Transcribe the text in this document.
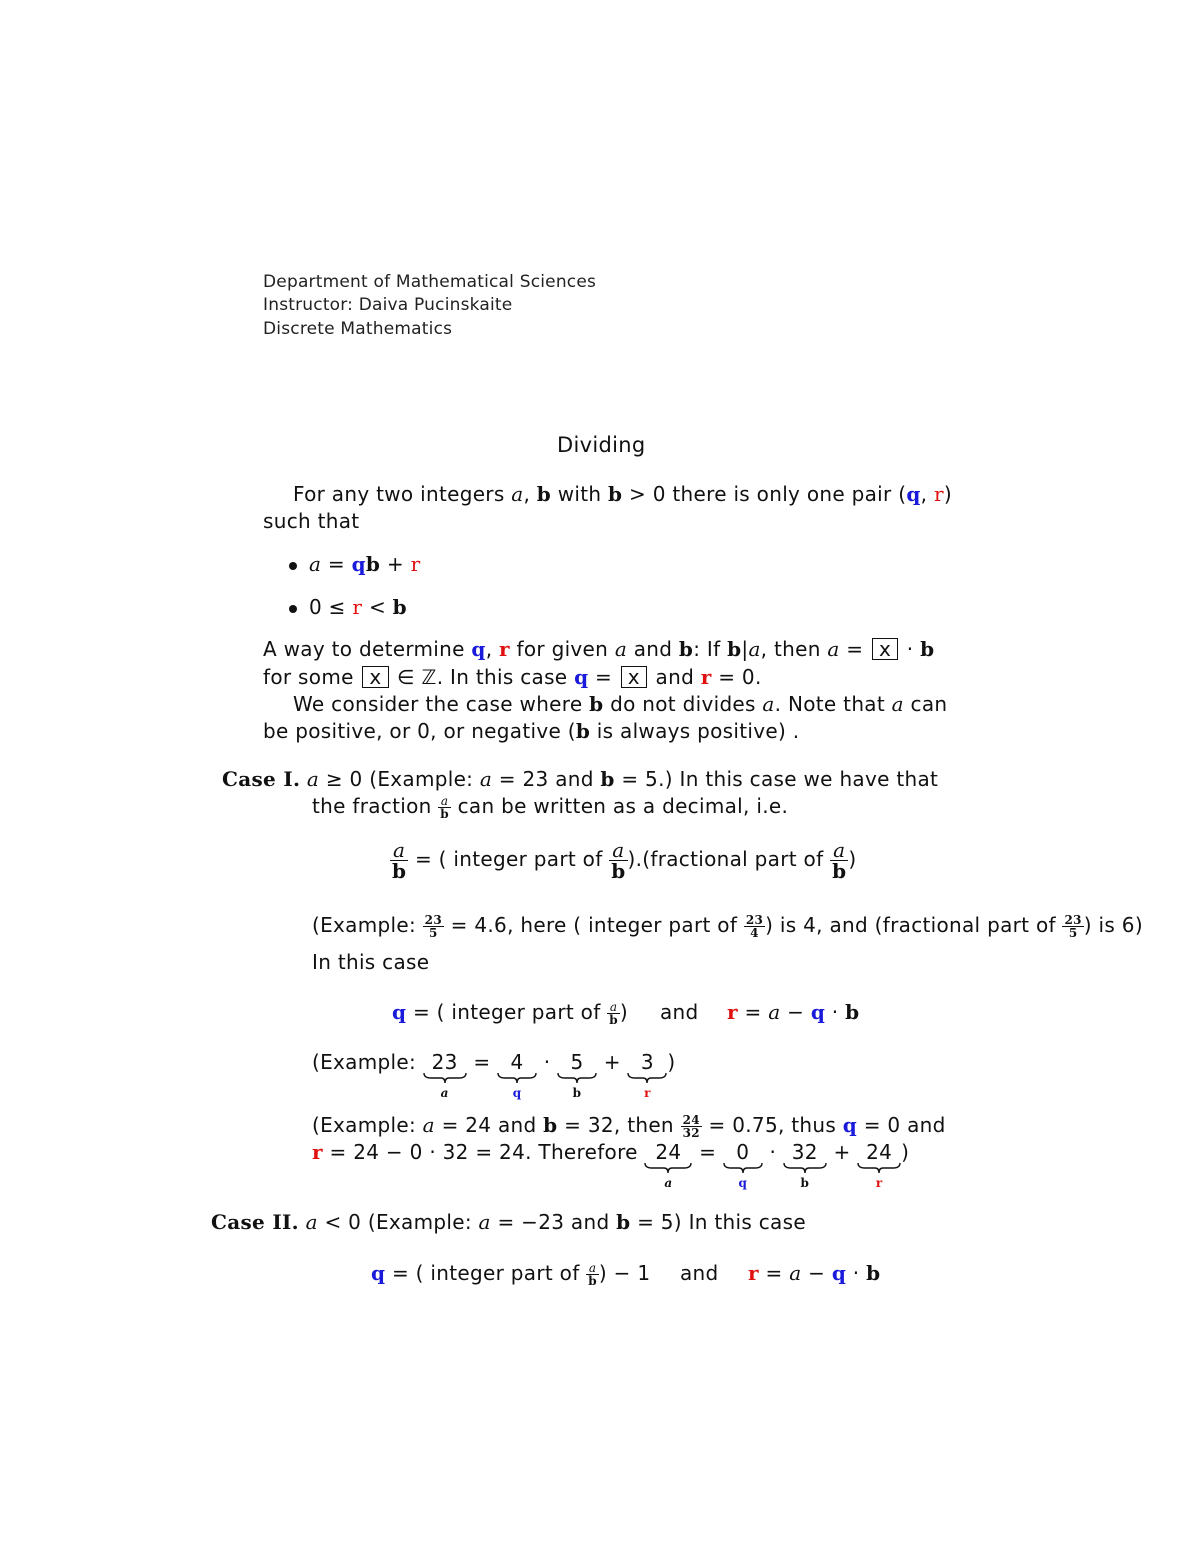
Department of Mathematical Sciences
Instructor: Daiva Pucinskaite
Discrete Mathematics
Dividing
For any two integers a, b with b > 0 there is only one pair (q, r)
such that
a = qb + r
0 ≤ r < b
A way to determine q, r for given a and b: If b|a, then a = x · b
for some x ∈ ℤ. In this case q = x and r = 0.
We consider the case where b do not divides a. Note that a can
be positive, or 0, or negative (b is always positive) .
Case I. a ≥ 0 (Example: a = 23 and b = 5.) In this case we have that
the fraction $\frac{a}{b}$ can be written as a decimal, i.e.
$\frac{a}{b}$ = ( integer part of $\frac{a}{b}$ ).(fractional part of $\frac{a}{b}$ )
(Example: $\frac{23}{5} = 4.6$, here ( integer part of $\frac{23}{4}$ ) is 4, and (fractional part of $\frac{23}{5}$ ) is 6)
In this case
q = ( integer part of $\frac{a}{b}$ ) and r = a − q · b
(Example: 23
a
= 4
q
· 5
b
+ 3
r
)
(Example: a = 24 and b = 32, then $\frac{24}{32} = 0.75$, thus q = 0 and
r = 24 − 0 · 32 = 24. Therefore 24
a
= 0
q
· 32
b
+ 24
r
)
Case II. a < 0 (Example: a = −23 and b = 5) In this case
q = ( integer part of $\frac{a}{b}$ ) − 1 and r = a − q · b
